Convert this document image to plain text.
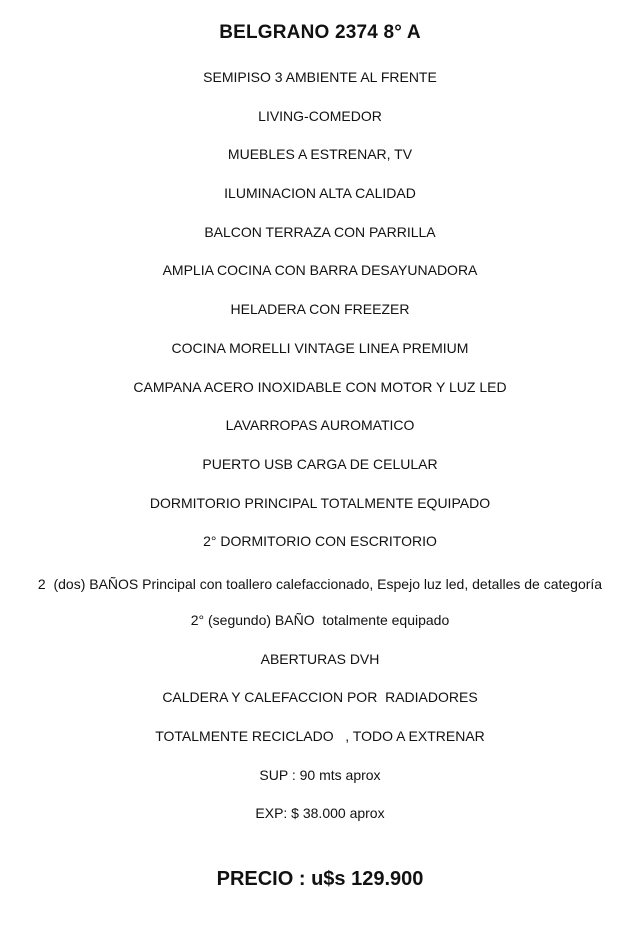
BELGRANO 2374 8° A
SEMIPISO 3 AMBIENTE AL FRENTE
LIVING-COMEDOR
MUEBLES A ESTRENAR, TV
ILUMINACION ALTA CALIDAD
BALCON TERRAZA CON PARRILLA
AMPLIA COCINA CON BARRA DESAYUNADORA
HELADERA CON FREEZER
COCINA MORELLI VINTAGE LINEA PREMIUM
CAMPANA ACERO INOXIDABLE CON MOTOR Y LUZ LED
LAVARROPAS AUROMATICO
PUERTO USB CARGA DE CELULAR
DORMITORIO PRINCIPAL TOTALMENTE EQUIPADO
2° DORMITORIO CON ESCRITORIO
2  (dos) BAÑOS Principal con toallero calefaccionado, Espejo luz led, detalles de categoría
2° (segundo) BAÑO  totalmente equipado
ABERTURAS DVH
CALDERA Y CALEFACCION POR  RADIADORES
TOTALMENTE RECICLADO   , TODO A EXTRENAR
SUP : 90 mts aprox
EXP: $ 38.000 aprox
PRECIO : u$s 129.900
